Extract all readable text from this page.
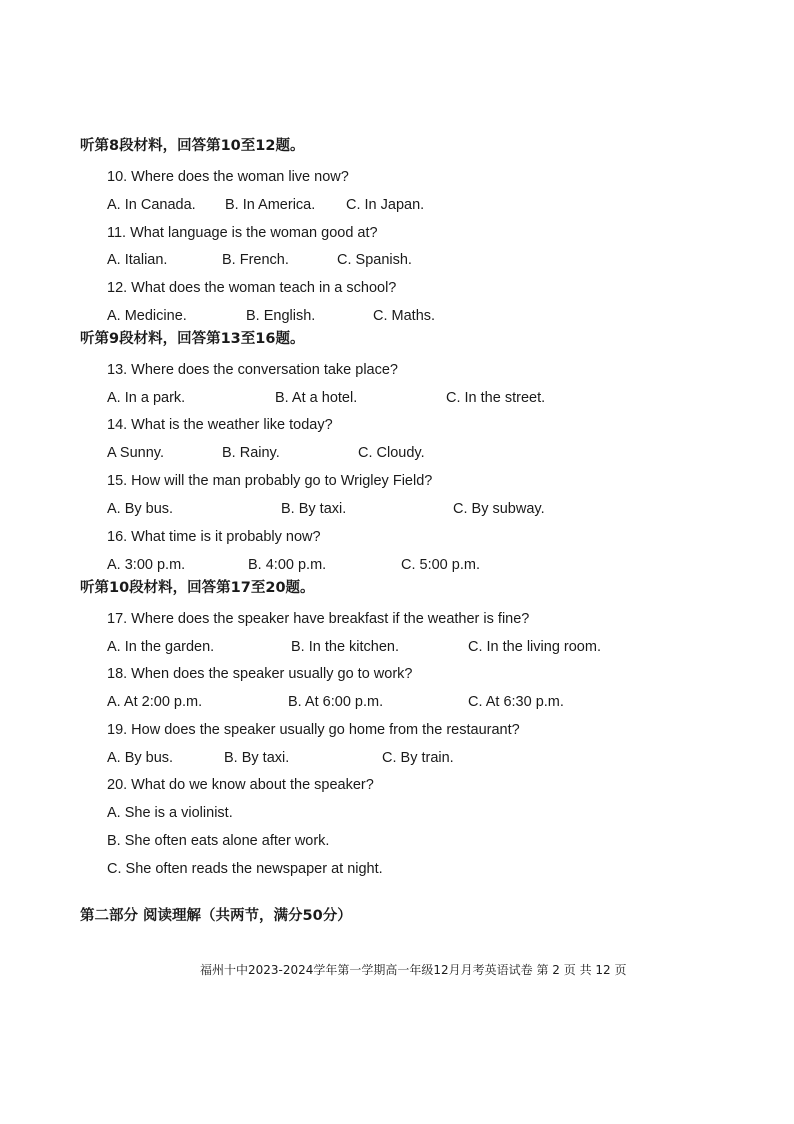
听第8段材料，回答第10至12题。
10. Where does the woman live now?
A. In Canada. B. In America. C. In Japan.
11. What language is the woman good at?
A. Italian.	B. French.	C. Spanish.
12. What does the woman teach in a school?
A. Medicine.	B. English.	C. Maths.
听第9段材料，回答第13至16题。
13. Where does the conversation take place?
A. In a park.	B. At a hotel.	C. In the street.
14. What is the weather like today?
A Sunny.	B. Rainy.	C. Cloudy.
15. How will the man probably go to Wrigley Field?
A. By bus.	B. By taxi.	C. By subway.
16. What time is it probably now?
A. 3:00 p.m.	B. 4:00 p.m.	C. 5:00 p.m.
听第10段材料，回答第17至20题。
17. Where does the speaker have breakfast if the weather is fine?
A. In the garden.	B. In the kitchen.	C. In the living room.
18. When does the speaker usually go to work?
A. At 2:00 p.m.	B. At 6:00 p.m.	C. At 6:30 p.m.
19. How does the speaker usually go home from the restaurant?
A. By bus.	B. By taxi.	C. By train.
20. What do we know about the speaker?
A. She is a violinist.
B. She often eats alone after work.
C. She often reads the newspaper at night.
第二部分 阅读理解（共两节，满分50分）
福州十中2023-2024学年第一学期高一年级12月月考英语试卷 第 2 页 共 12 页
